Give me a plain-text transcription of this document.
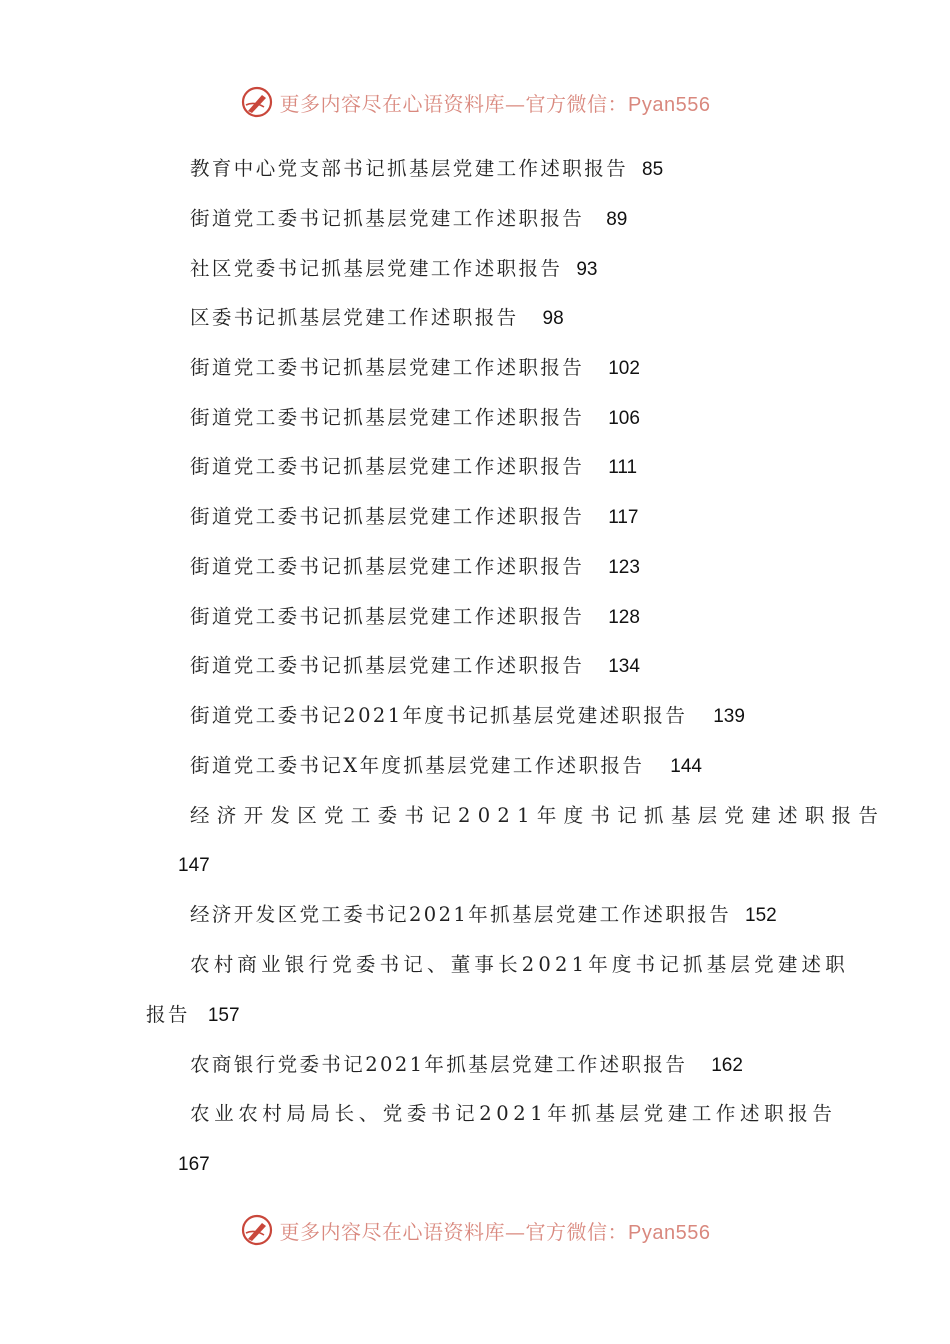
更多内容尽在心语资料库—官方微信：Pyan556
教育中心党支部书记抓基层党建工作述职报告 85
街道党工委书记抓基层党建工作述职报告 89
社区党委书记抓基层党建工作述职报告 93
区委书记抓基层党建工作述职报告 98
街道党工委书记抓基层党建工作述职报告 102
街道党工委书记抓基层党建工作述职报告 106
街道党工委书记抓基层党建工作述职报告 111
街道党工委书记抓基层党建工作述职报告 117
街道党工委书记抓基层党建工作述职报告 123
街道党工委书记抓基层党建工作述职报告 128
街道党工委书记抓基层党建工作述职报告 134
街道党工委书记2021年度书记抓基层党建述职报告 139
街道党工委书记X年度抓基层党建工作述职报告 144
经济开发区党工委书记2021年度书记抓基层党建述职报告
147
经济开发区党工委书记2021年抓基层党建工作述职报告 152
农村商业银行党委书记、董事长2021年度书记抓基层党建述职
报告 157
农商银行党委书记2021年抓基层党建工作述职报告 162
农业农村局局长、党委书记2021年抓基层党建工作述职报告
167
更多内容尽在心语资料库—官方微信：Pyan556
